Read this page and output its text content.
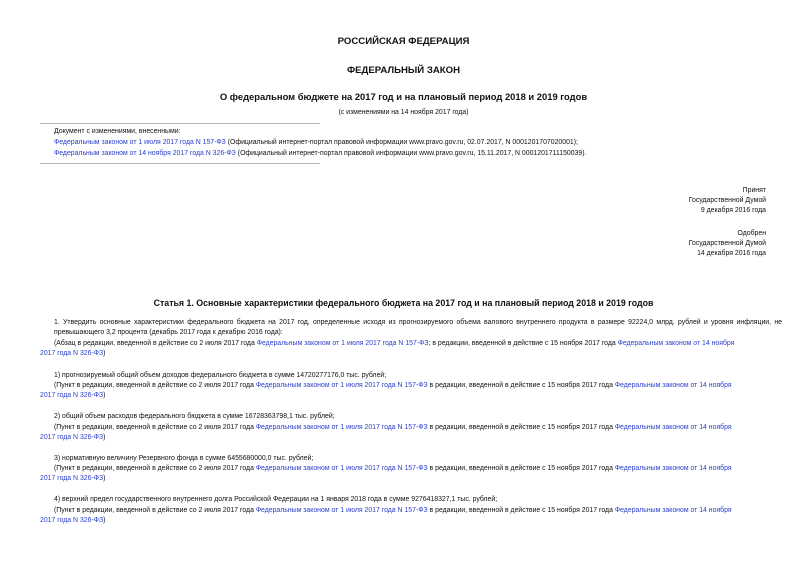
РОССИЙСКАЯ ФЕДЕРАЦИЯ
ФЕДЕРАЛЬНЫЙ ЗАКОН
О федеральном бюджете на 2017 год и на плановый период 2018 и 2019 годов
(с изменениями на 14 ноября 2017 года)
Документ с изменениями, внесенными:
Федеральным законом от 1 июля 2017 года N 157-ФЗ (Официальный интернет-портал правовой информации www.pravo.gov.ru, 02.07.2017, N 0001201707020001);
Федеральным законом от 14 ноября 2017 года N 326-ФЗ (Официальный интернет-портал правовой информации www.pravo.gov.ru, 15.11.2017, N 0001201711150039).
Принят
Государственной Думой
9 декабря 2016 года
Одобрен
Государственной Думой
14 декабря 2016 года
Статья 1. Основные характеристики федерального бюджета на 2017 год и на плановый период 2018 и 2019 годов
1. Утвердить основные характеристики федерального бюджета на 2017 год, определенные исходя из прогнозируемого объема валового внутреннего продукта в размере 92224,0 млрд. рублей и уровня инфляции, не превышающего 3,2 процента (декабрь 2017 года к декабрю 2016 года):
(Абзац в редакции, введенной в действие со 2 июля 2017 года Федеральным законом от 1 июля 2017 года N 157-ФЗ; в редакции, введенной в действие с 15 ноября 2017 года Федеральным законом от 14 ноября
2017 года N 326-ФЗ)
1) прогнозируемый общий объем доходов федерального бюджета в сумме 14720277176,0 тыс. рублей;
(Пункт в редакции, введенной в действие со 2 июля 2017 года Федеральным законом от 1 июля 2017 года N 157-ФЗ в редакции, введенной в действие с 15 ноября 2017 года Федеральным законом от 14 ноября
2017 года N 326-ФЗ)
2) общий объем расходов федерального бюджета в сумме 16728363798,1 тыс. рублей;
(Пункт в редакции, введенной в действие со 2 июля 2017 года Федеральным законом от 1 июля 2017 года N 157-ФЗ в редакции, введенной в действие с 15 ноября 2017 года Федеральным законом от 14 ноября
2017 года N 326-ФЗ)
3) нормативную величину Резервного фонда в сумме 6455680000,0 тыс. рублей;
(Пункт в редакции, введенной в действие со 2 июля 2017 года Федеральным законом от 1 июля 2017 года N 157-ФЗ в редакции, введенной в действие с 15 ноября 2017 года Федеральным законом от 14 ноября
2017 года N 326-ФЗ)
4) верхний предел государственного внутреннего долга Российской Федерации на 1 января 2018 года в сумме 9276418327,1 тыс. рублей;
(Пункт в редакции, введенной в действие со 2 июля 2017 года Федеральным законом от 1 июля 2017 года N 157-ФЗ в редакции, введенной в действие с 15 ноября 2017 года Федеральным законом от 14 ноября
2017 года N 326-ФЗ)
